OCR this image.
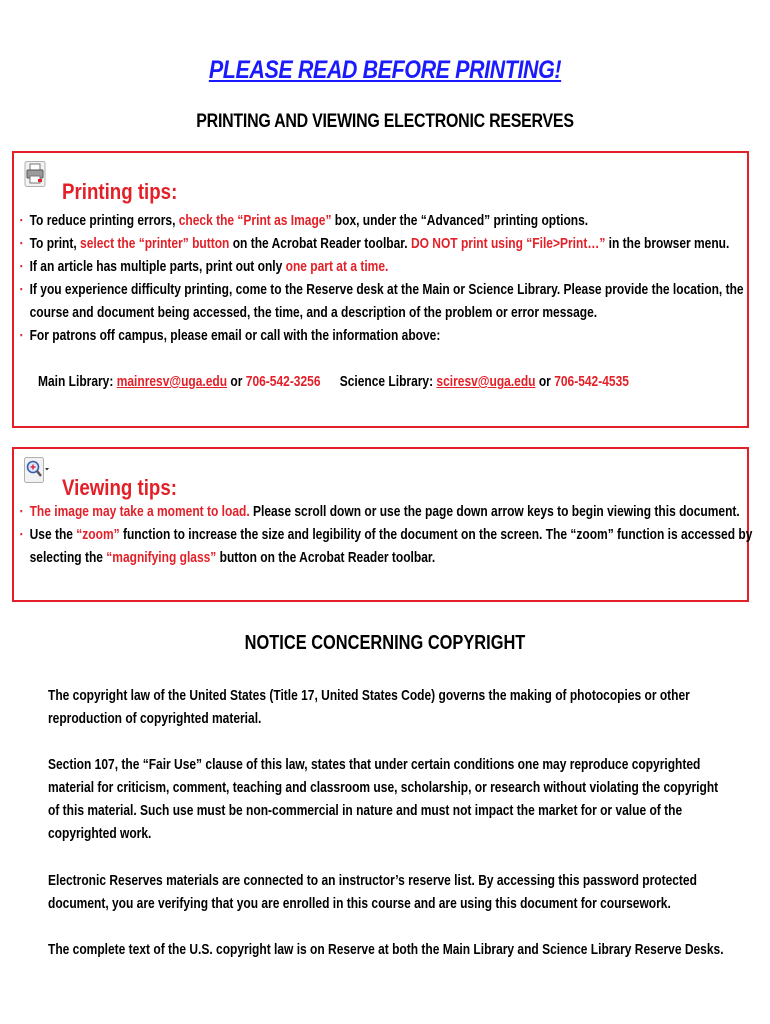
PLEASE READ BEFORE PRINTING!
PRINTING AND VIEWING ELECTRONIC RESERVES
Printing tips:
▪ To reduce printing errors, check the “Print as Image” box, under the “Advanced” printing options.
▪ To print, select the “printer” button on the Acrobat Reader toolbar. DO NOT print using “File>Print…” in the browser menu.
▪ If an article has multiple parts, print out only one part at a time.
▪ If you experience difficulty printing, come to the Reserve desk at the Main or Science Library. Please provide the location, the
course and document being accessed, the time, and a description of the problem or error message.
▪ For patrons off campus, please email or call with the information above:
Main Library: mainresv@uga.edu or 706-542-3256 Science Library: sciresv@uga.edu or 706-542-4535
Viewing tips:
▪ The image may take a moment to load. Please scroll down or use the page down arrow keys to begin viewing this document.
▪ Use the “zoom” function to increase the size and legibility of the document on the screen. The “zoom” function is accessed by
selecting the “magnifying glass” button on the Acrobat Reader toolbar.
NOTICE CONCERNING COPYRIGHT
The copyright law of the United States (Title 17, United States Code) governs the making of photocopies or other
reproduction of copyrighted material.
Section 107, the “Fair Use” clause of this law, states that under certain conditions one may reproduce copyrighted
material for criticism, comment, teaching and classroom use, scholarship, or research without violating the copyright
of this material. Such use must be non-commercial in nature and must not impact the market for or value of the
copyrighted work.
Electronic Reserves materials are connected to an instructor’s reserve list. By accessing this password protected
document, you are verifying that you are enrolled in this course and are using this document for coursework.
The complete text of the U.S. copyright law is on Reserve at both the Main Library and Science Library Reserve Desks.
